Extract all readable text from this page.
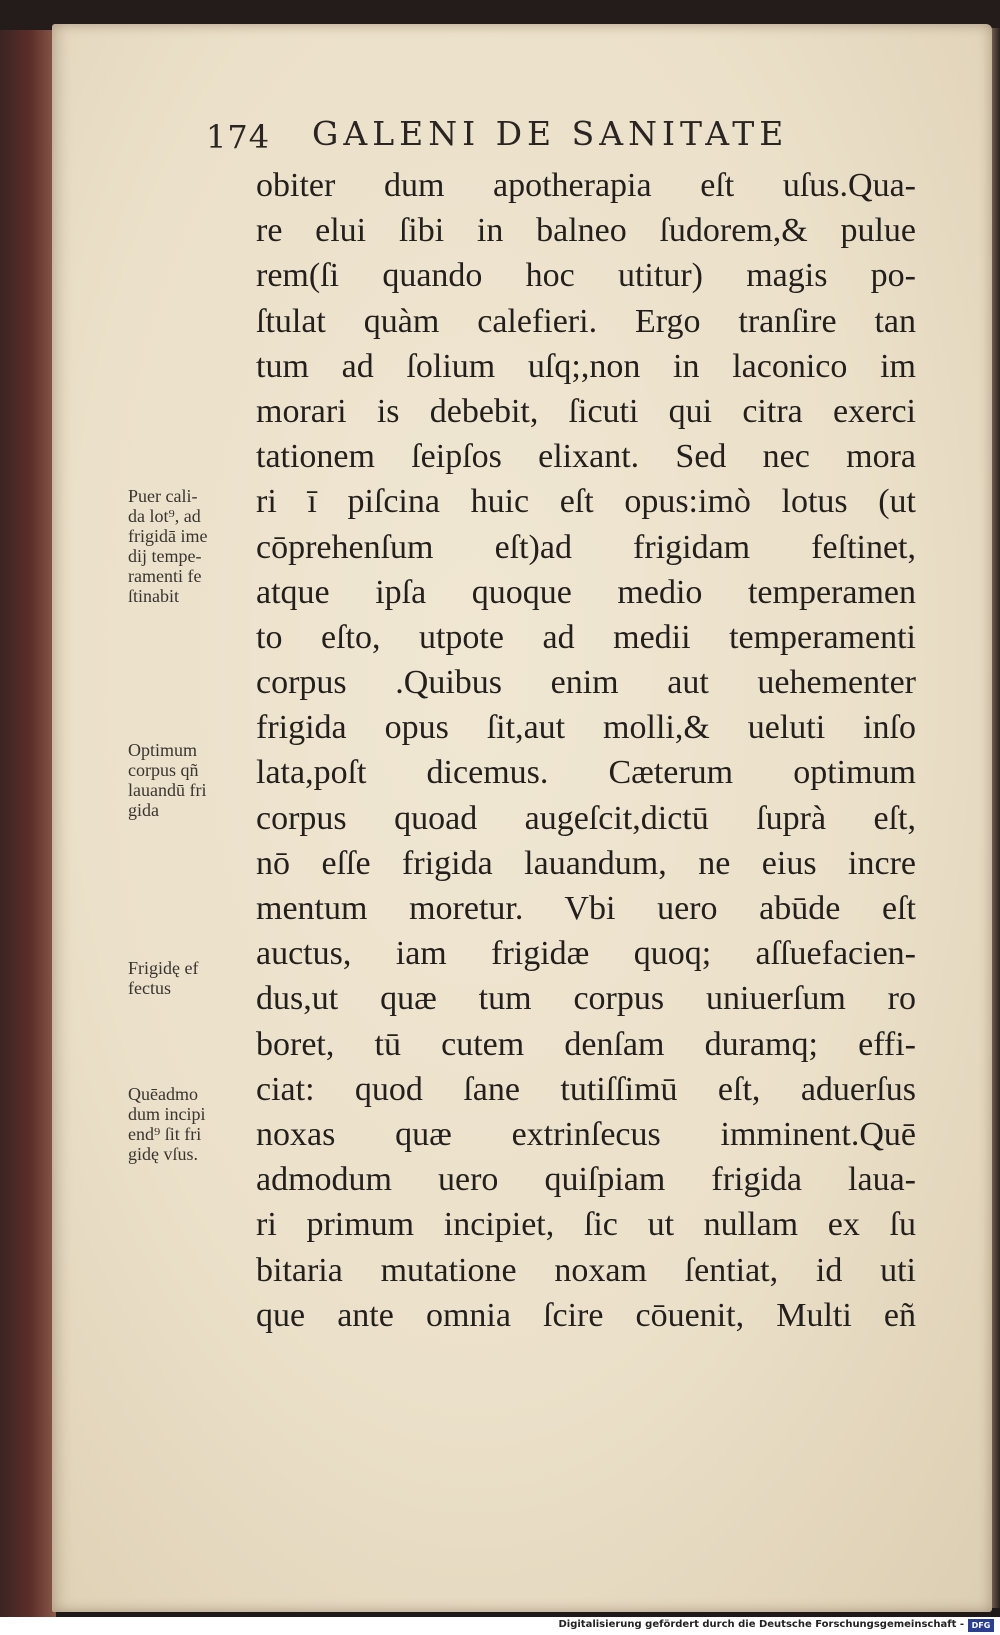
174 GALENI DE SANITATE
obiter dum apotherapia eſt uſus.Qua-
re elui ſibi in balneo ſudorem,& pulue
rem(ſi quando hoc utitur) magis po-
ſtulat quàm calefieri. Ergo tranſire tan
tum ad ſolium uſq;,non in laconico im
morari is debebit, ſicuti qui citra exerci
tationem ſeipſos elixant. Sed nec mora
ri ī piſcina huic eſt opus:imò lotus (ut
cōprehenſum eſt)ad frigidam feſtinet,
atque ipſa quoque medio temperamen
to eſto, utpote ad medii temperamenti
corpus .Quibus enim aut uehementer
frigida opus ſit,aut molli,& ueluti inſo
lata,poſt dicemus. Cæterum optimum
corpus quoad augeſcit,dictū ſuprà eſt,
nō eſſe frigida lauandum, ne eius incre
mentum moretur. Vbi uero abūde eſt
auctus, iam frigidæ quoq; aſſuefacien-
dus,ut quæ tum corpus uniuerſum ro
boret, tū cutem denſam duramq; effi-
ciat: quod ſane tutiſſimū eſt, aduerſus
noxas quæ extrinſecus imminent.Quē
admodum uero quiſpiam frigida laua-
ri primum incipiet, ſic ut nullam ex ſu
bitaria mutatione noxam ſentiat, id uti
que ante omnia ſcire cōuenit, Multi eñ
Puer cali-
da lot⁹, ad
frigidā ime
dij tempe-
ramenti fe
ſtinabit
Optimum
corpus qñ
lauandū fri
gida
Frigidę ef
fectus
Quēadmo
dum incipi
end⁹ ſit fri
gidę vſus.
Digitalisierung gefördert durch die Deutsche Forschungsgemeinschaft - DFG
